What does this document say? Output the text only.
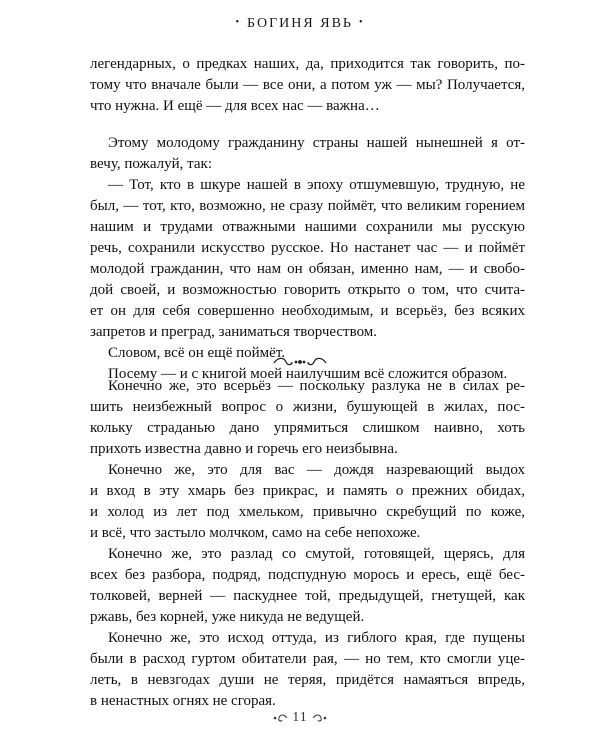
• БОГИНЯ ЯВЬ •
легендарных, о предках наших, да, приходится так говорить, по-
тому что вначале были — все они, а потом уж — мы? Получается,
что нужна. И ещё — для всех нас — важна…
Этому молодому гражданину страны нашей нынешней я от-
вечу, пожалуй, так:
— Тот, кто в шкуре нашей в эпоху отшумевшую, трудную, не
был, — тот, кто, возможно, не сразу поймёт, что великим горением
нашим и трудами отважными нашими сохранили мы русскую
речь, сохранили искусство русское. Но настанет час — и поймёт
молодой гражданин, что нам он обязан, именно нам, — и свобо-
дой своей, и возможностью говорить открыто о том, что счита-
ет он для себя совершенно необходимым, и всерьёз, без всяких
запретов и преград, заниматься творчеством.
Словом, всё он ещё поймёт.
Посему — и с книгой моей наилучшим всё сложится образом.
Конечно же, это всерьёз — поскольку разлука не в силах ре-
шить неизбежный вопрос о жизни, бушующей в жилах, пос-
кольку страданью дано упрямиться слишком наивно, хоть
прихоть известна давно и горечь его неизбывна.
Конечно же, это для вас — дождя назревающий выдох
и вход в эту хмарь без прикрас, и память о прежних обидах,
и холод из лет под хмельком, привычно скребущий по коже,
и всё, что застыло молчком, само на себе непохоже.
Конечно же, это разлад со смутой, готовящей, щерясь, для
всех без разбора, подряд, подспудную морось и ересь, ещё бес-
толковей, верней — паскуднее той, предыдущей, гнетущей, как
ржавь, без корней, уже никуда не ведущей.
Конечно же, это исход оттуда, из гиблого края, где пущены
были в расход гуртом обитатели рая, — но тем, кто смогли уце-
леть, в невзгодах души не теряя, придётся намаяться впредь,
в ненастных огнях не сгорая.
11
